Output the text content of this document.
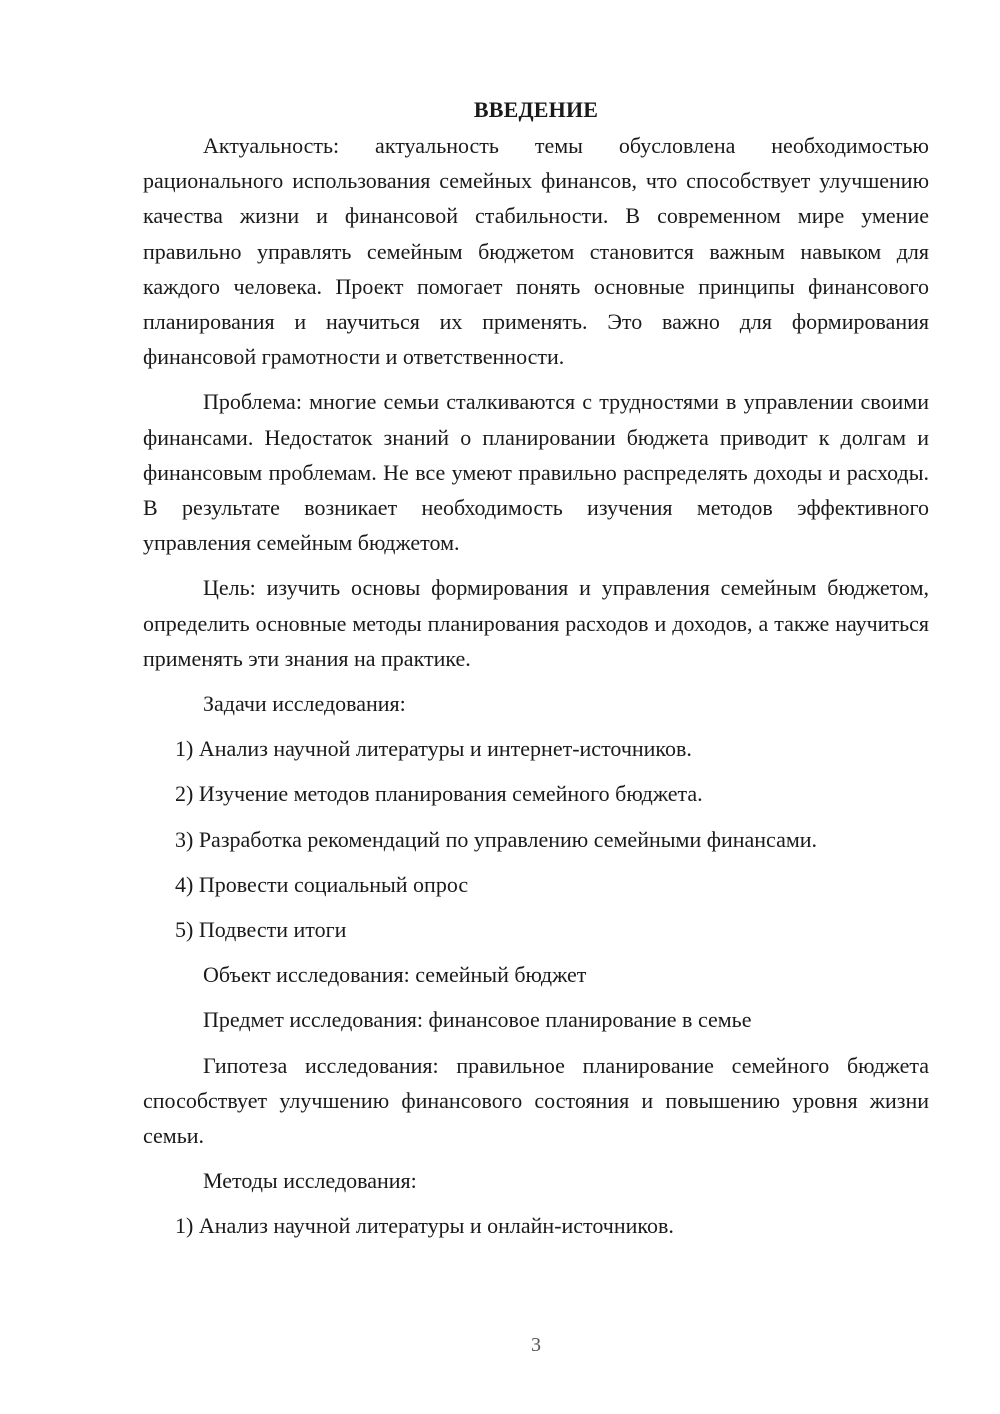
ВВЕДЕНИЕ

Актуальность: актуальность темы обусловлена необходимостью рационального использования семейных финансов, что способствует улучшению качества жизни и финансовой стабильности. В современном мире умение правильно управлять семейным бюджетом становится важным навыком для каждого человека. Проект помогает понять основные принципы финансового планирования и научиться их применять. Это важно для формирования финансовой грамотности и ответственности.

Проблема: многие семьи сталкиваются с трудностями в управлении своими финансами. Недостаток знаний о планировании бюджета приводит к долгам и финансовым проблемам. Не все умеют правильно распределять доходы и расходы. В результате возникает необходимость изучения методов эффективного управления семейным бюджетом.

Цель: изучить основы формирования и управления семейным бюджетом, определить основные методы планирования расходов и доходов, а также научиться применять эти знания на практике.

Задачи исследования:

1) Анализ научной литературы и интернет-источников.
2) Изучение методов планирования семейного бюджета.
3) Разработка рекомендаций по управлению семейными финансами.
4) Провести социальный опрос
5) Подвести итоги

Объект исследования: семейный бюджет

Предмет исследования: финансовое планирование в семье

Гипотеза исследования: правильное планирование семейного бюджета способствует улучшению финансового состояния и повышению уровня жизни семьи.

Методы исследования:

1) Анализ научной литературы и онлайн-источников.
3
